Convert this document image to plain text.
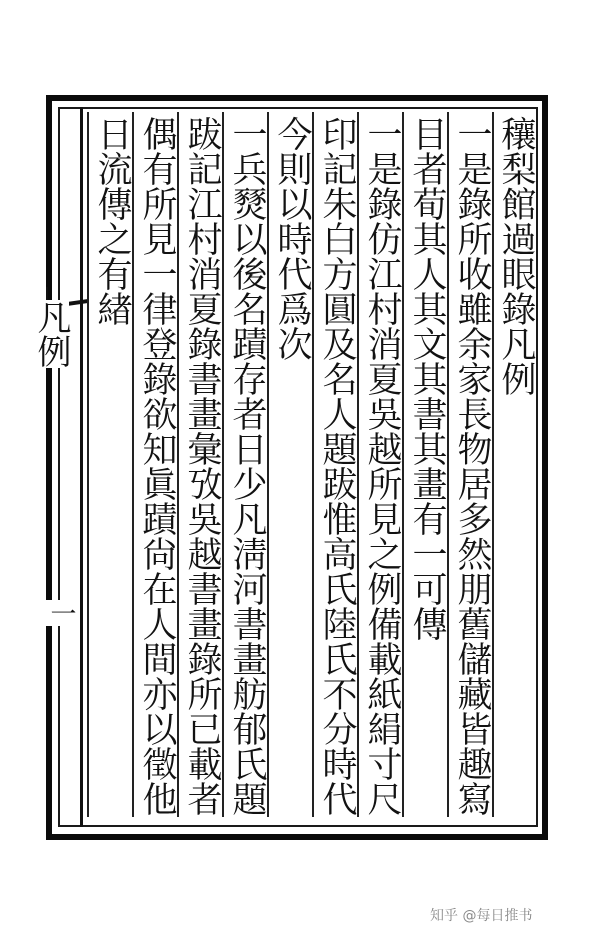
凡例
一
穰梨館過眼錄凡例
一是錄所收雖余家長物居多然朋舊儲藏皆趣寫
目者荀其人其文其書其畫有一可傳
一是錄仿江村消夏吳越所見之例備載紙絹寸尺
印記朱白方圓及名人題跋惟高氏陸氏不分時代
今則以時代爲次
一兵燹以後名蹟存者日少凡淸河書畫舫郁氏題
跋記江村消夏錄書畫彙攷吳越書畫錄所已載者
偶有所見一律登錄欲知眞蹟尙在人間亦以徵他
日流傳之有緖
知乎 @每日推书
